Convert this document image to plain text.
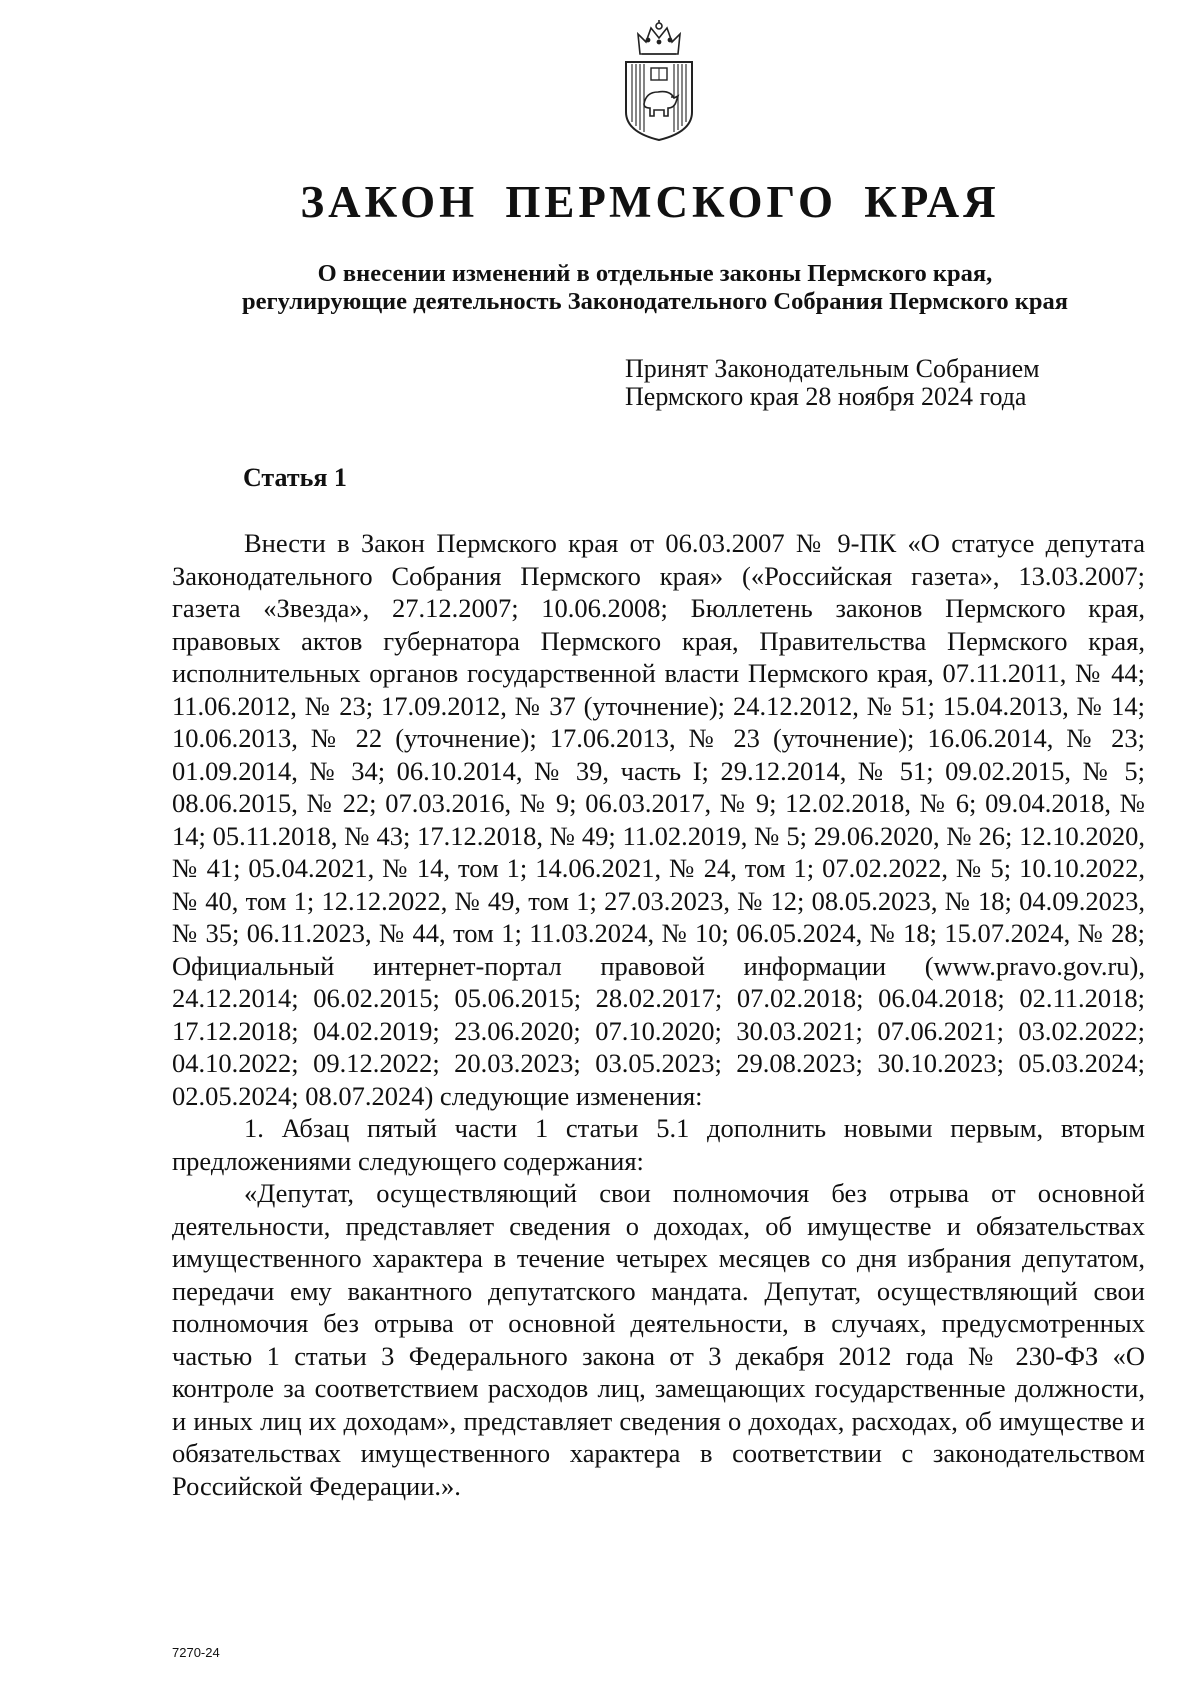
ЗАКОН ПЕРМСКОГО КРАЯ
О внесении изменений в отдельные законы Пермского края,
регулирующие деятельность Законодательного Собрания Пермского края
Принят Законодательным Собранием
Пермского края 28 ноября 2024 года
Статья 1

Внести в Закон Пермского края от 06.03.2007 № 9-ПК «О статусе депутата Законодательного Собрания Пермского края» («Российская газета», 13.03.2007; газета «Звезда», 27.12.2007; 10.06.2008; Бюллетень законов Пермского края, правовых актов губернатора Пермского края, Правительства Пермского края, исполнительных органов государственной власти Пермского края, 07.11.2011, № 44; 11.06.2012, № 23; 17.09.2012, № 37 (уточнение); 24.12.2012, № 51; 15.04.2013, № 14; 10.06.2013, № 22 (уточнение); 17.06.2013, № 23 (уточнение); 16.06.2014, № 23; 01.09.2014, № 34; 06.10.2014, № 39, часть I; 29.12.2014, № 51; 09.02.2015, № 5; 08.06.2015, № 22; 07.03.2016, № 9; 06.03.2017, № 9; 12.02.2018, № 6; 09.04.2018, № 14; 05.11.2018, № 43; 17.12.2018, № 49; 11.02.2019, № 5; 29.06.2020, № 26; 12.10.2020, № 41; 05.04.2021, № 14, том 1; 14.06.2021, № 24, том 1; 07.02.2022, № 5; 10.10.2022, № 40, том 1; 12.12.2022, № 49, том 1; 27.03.2023, № 12; 08.05.2023, № 18; 04.09.2023, № 35; 06.11.2023, № 44, том 1; 11.03.2024, № 10; 06.05.2024, № 18; 15.07.2024, № 28; Официальный интернет-портал правовой информации (www.pravo.gov.ru), 24.12.2014; 06.02.2015; 05.06.2015; 28.02.2017; 07.02.2018; 06.04.2018; 02.11.2018; 17.12.2018; 04.02.2019; 23.06.2020; 07.10.2020; 30.03.2021; 07.06.2021; 03.02.2022; 04.10.2022; 09.12.2022; 20.03.2023; 03.05.2023; 29.08.2023; 30.10.2023; 05.03.2024; 02.05.2024; 08.07.2024) следующие изменения:

1. Абзац пятый части 1 статьи 5.1 дополнить новыми первым, вторым предложениями следующего содержания:

«Депутат, осуществляющий свои полномочия без отрыва от основной деятельности, представляет сведения о доходах, об имуществе и обязательствах имущественного характера в течение четырех месяцев со дня избрания депутатом, передачи ему вакантного депутатского мандата. Депутат, осуществляющий свои полномочия без отрыва от основной деятельности, в случаях, предусмотренных частью 1 статьи 3 Федерального закона от 3 декабря 2012 года № 230-ФЗ «О контроле за соответствием расходов лиц, замещающих государственные должности, и иных лиц их доходам», представляет сведения о доходах, расходах, об имуществе и обязательствах имущественного характера в соответствии с законодательством Российской Федерации.».

7270-24
